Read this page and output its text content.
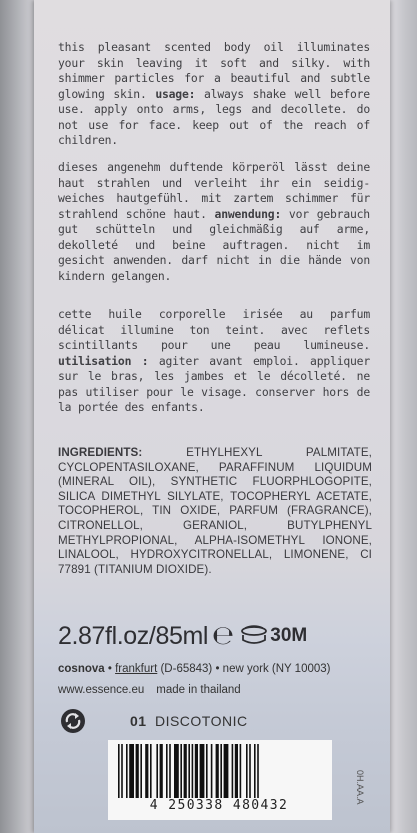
this pleasant scented body oil illuminates your skin leaving it soft and silky. with shimmer particles for a beautiful and subtle glowing skin. usage: always shake well before use. apply onto arms, legs and decollete. do not use for face. keep out of the reach of children.
dieses angenehm duftende körperöl lässt deine haut strahlen und verleiht ihr ein seidig-weiches hautgefühl. mit zartem schimmer für strahlend schöne haut. anwendung: vor gebrauch gut schütteln und gleichmäßig auf arme, dekolleté und beine auftragen. nicht im gesicht anwenden. darf nicht in die hände von kindern gelangen.
cette huile corporelle irisée au parfum délicat illumine ton teint. avec reflets scintillants pour une peau lumineuse. utilisation : agiter avant emploi. appliquer sur le bras, les jambes et le décolleté. ne pas utiliser pour le visage. conserver hors de la portée des enfants.
INGREDIENTS:	ETHYLHEXYL PALMITATE, CYCLOPENTASILOXANE, PARAFFINUM LIQUIDUM (MINERAL OIL), SYNTHETIC FLUORPHLOGOPITE, SILICA DIMETHYL SILYLATE, TOCOPHERYL ACETATE, TOCOPHEROL, TIN OXIDE, PARFUM (FRAGRANCE), CITRONELLOL, GERANIOL, BUTYLPHENYL METHYLPROPIONAL, ALPHA-ISOMETHYL IONONE, LINALOOL, HYDROXYCITRONELLAL, LIMONENE, CI 77891 (TITANIUM DIOXIDE).
2.87fl.oz/85ml ℮ 30M
cosnova • frankfurt (D-65843) • new york (NY 10003)
www.essence.eu made in thailand
01 DISCOTONIC
4 250338 480432
0H.AA.A
